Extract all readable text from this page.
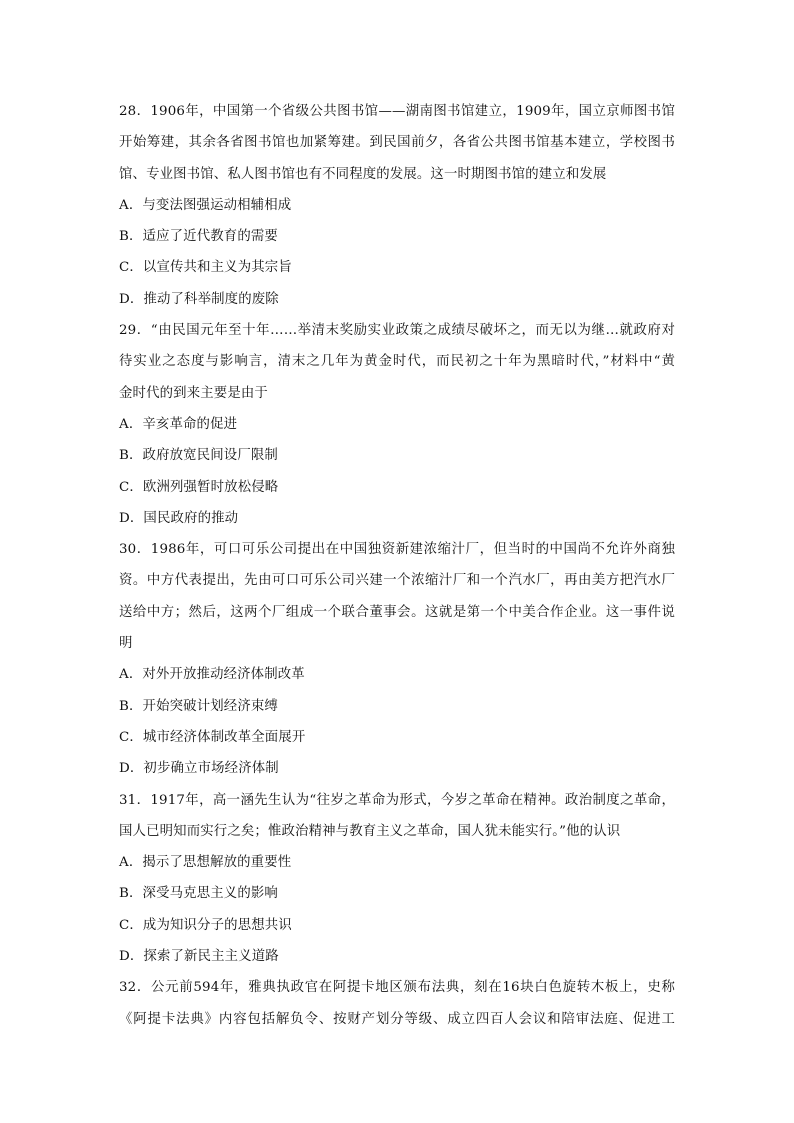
28．1906年，中国第一个省级公共图书馆——湖南图书馆建立，1909年，国立京师图书馆
开始筹建，其余各省图书馆也加紧筹建。到民国前夕，各省公共图书馆基本建立，学校图书
馆、专业图书馆、私人图书馆也有不同程度的发展。这一时期图书馆的建立和发展
A．与变法图强运动相辅相成
B．适应了近代教育的需要
C．以宣传共和主义为其宗旨
D．推动了科举制度的废除
29．“由民国元年至十年……举清末奖励实业政策之成绩尽破坏之，而无以为继…就政府对
待实业之态度与影响言，清末之几年为黄金时代，而民初之十年为黑暗时代，”材料中“黄
金时代的到来主要是由于
A．辛亥革命的促进
B．政府放宽民间设厂限制
C．欧洲列强暂时放松侵略
D．国民政府的推动
30．1986年，可口可乐公司提出在中国独资新建浓缩汁厂，但当时的中国尚不允许外商独
资。中方代表提出，先由可口可乐公司兴建一个浓缩汁厂和一个汽水厂，再由美方把汽水厂
送给中方；然后，这两个厂组成一个联合董事会。这就是第一个中美合作企业。这一事件说
明
A．对外开放推动经济体制改革
B．开始突破计划经济束缚
C．城市经济体制改革全面展开
D．初步确立市场经济体制
31．1917年，高一涵先生认为“往岁之革命为形式，今岁之革命在精神。政治制度之革命，
国人已明知而实行之矣；惟政治精神与教育主义之革命，国人犹未能实行。”他的认识
A．揭示了思想解放的重要性
B．深受马克思主义的影响
C．成为知识分子的思想共识
D．探索了新民主主义道路
32．公元前594年，雅典执政官在阿提卡地区颁布法典，刻在16块白色旋转木板上，史称
《阿提卡法典》内容包括解负令、按财产划分等级、成立四百人会议和陪审法庭、促进工
